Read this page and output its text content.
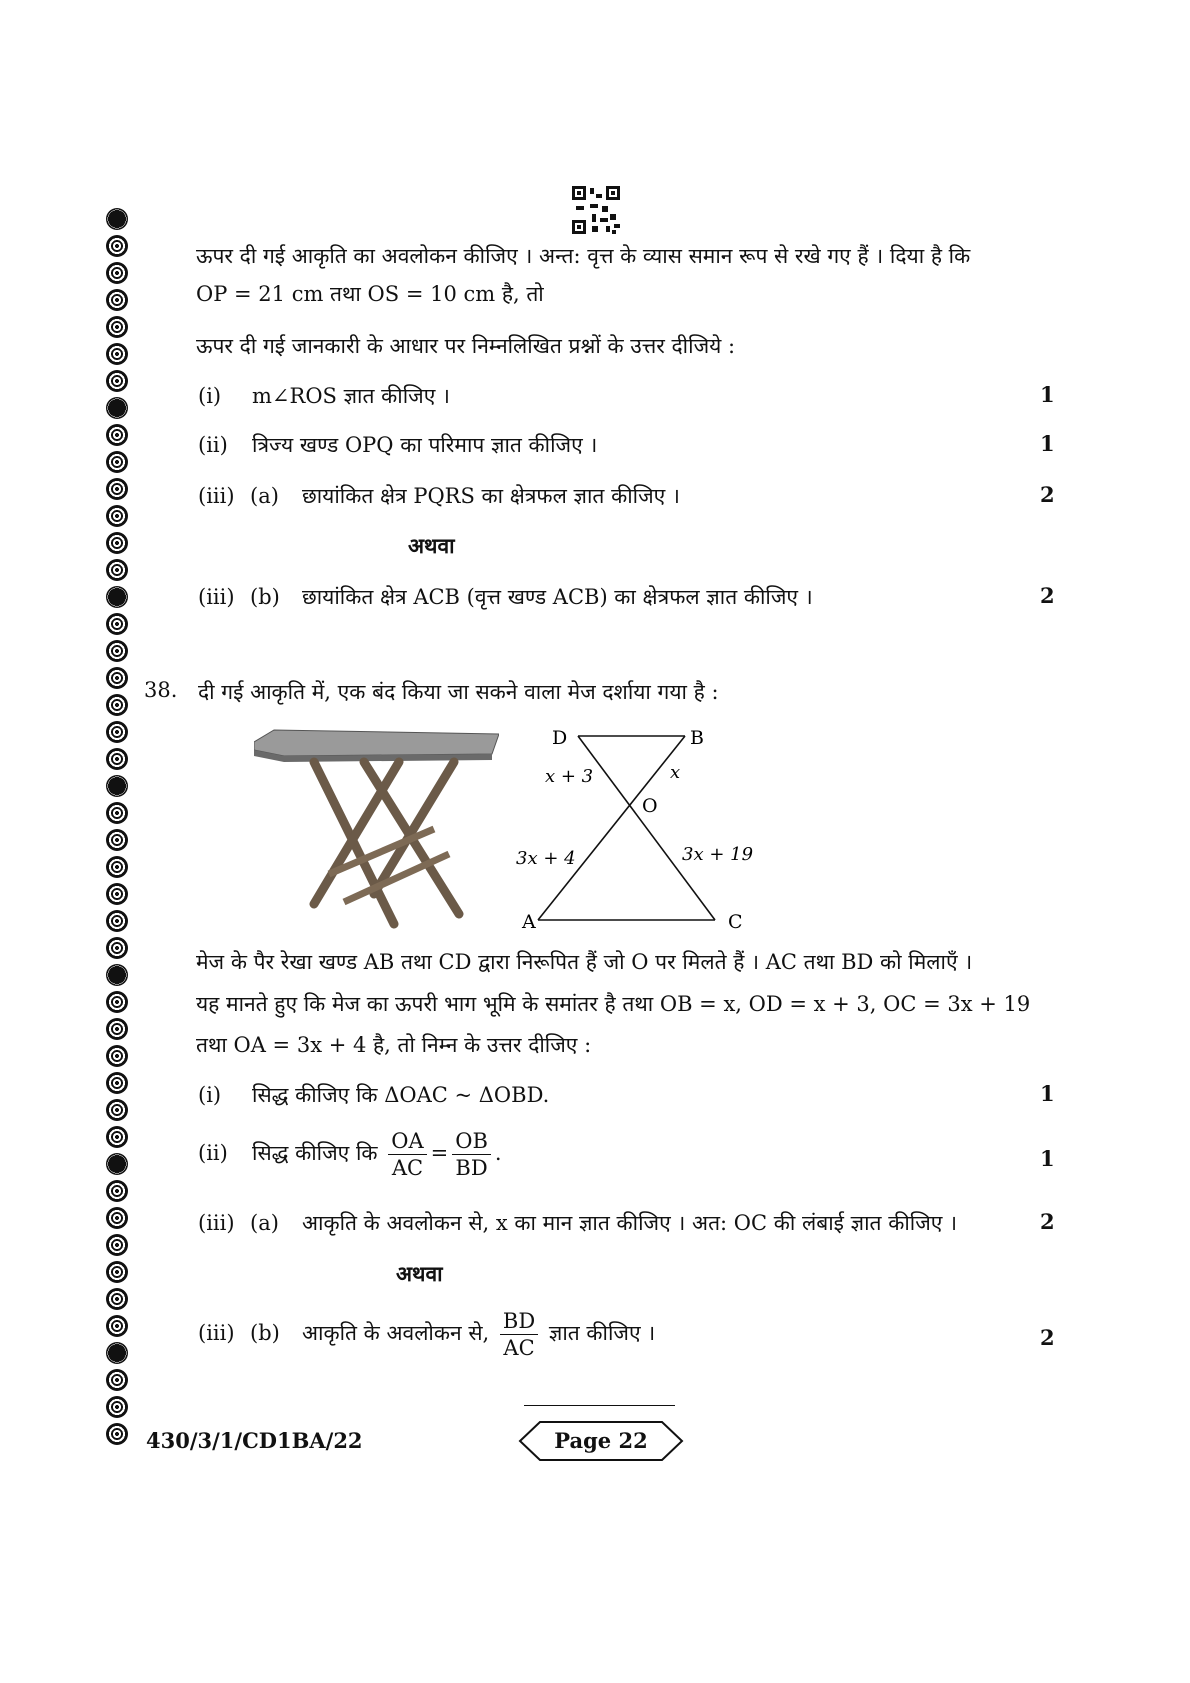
ऊपर दी गई आकृति का अवलोकन कीजिए । अन्त: वृत्त के व्यास समान रूप से रखे गए हैं । दिया है कि
OP = 21 cm तथा OS = 10 cm है, तो
ऊपर दी गई जानकारी के आधार पर निम्नलिखित प्रश्नों के उत्तर दीजिये :
(i) m∠ROS ज्ञात कीजिए ।	1
(ii) त्रिज्य खण्ड OPQ का परिमाप ज्ञात कीजिए ।	1
(iii) (a) छायांकित क्षेत्र PQRS का क्षेत्रफल ज्ञात कीजिए ।	2
अथवा
(iii) (b) छायांकित क्षेत्र ACB (वृत्त खण्ड ACB) का क्षेत्रफल ज्ञात कीजिए ।	2
38. दी गई आकृति में, एक बंद किया जा सकने वाला मेज दर्शाया गया है :
D	B
O
A	C
x + 3	x
3x + 4	3x + 19
मेज के पैर रेखा खण्ड AB तथा CD द्वारा निरूपित हैं जो O पर मिलते हैं । AC तथा BD को मिलाएँ ।
यह मानते हुए कि मेज का ऊपरी भाग भूमि के समांतर है तथा OB = x, OD = x + 3, OC = 3x + 19
तथा OA = 3x + 4 है, तो निम्न के उत्तर दीजिए :
(i) सिद्ध कीजिए कि ΔOAC ~ ΔOBD.	1
(ii) सिद्ध कीजिए कि $\frac{OA}{AC} = \frac{OB}{BD}$ .	1
(iii) (a) आकृति के अवलोकन से, x का मान ज्ञात कीजिए । अत: OC की लंबाई ज्ञात कीजिए ।	2
अथवा
(iii) (b) आकृति के अवलोकन से, $\frac{BD}{AC}$ ज्ञात कीजिए ।	2
430/3/1/CD1BA/22	Page 22
